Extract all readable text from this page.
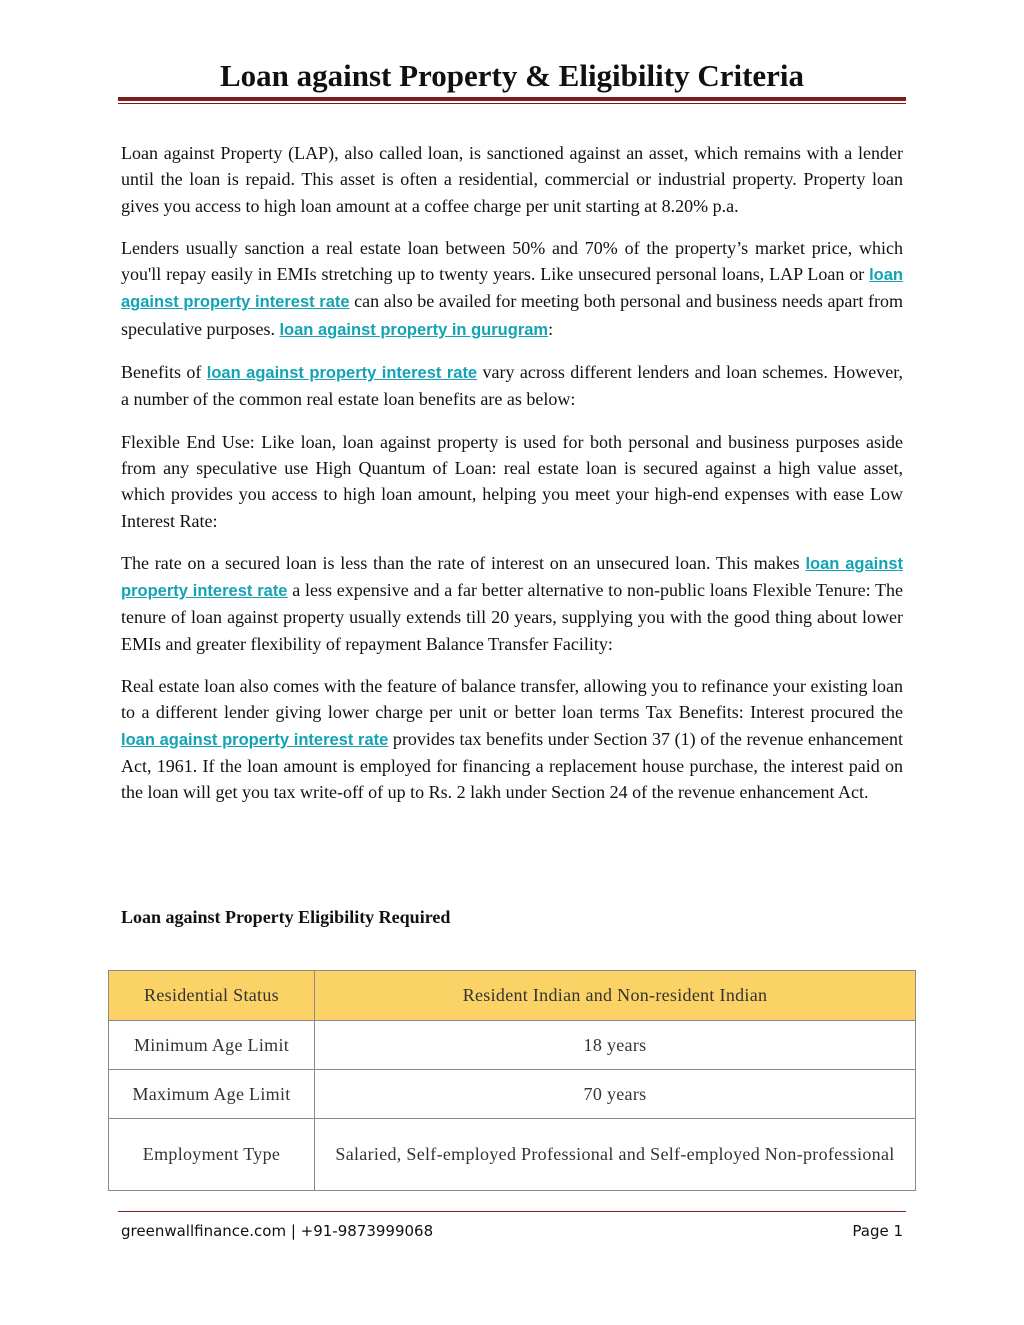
Loan against Property & Eligibility Criteria

Loan against Property (LAP), also called loan, is sanctioned against an asset, which remains with a lender until the loan is repaid. This asset is often a residential, commercial or industrial property. Property loan gives you access to high loan amount at a coffee charge per unit starting at 8.20% p.a.

Lenders usually sanction a real estate loan between 50% and 70% of the property’s market price, which you'll repay easily in EMIs stretching up to twenty years. Like unsecured personal loans, LAP Loan or loan against property interest rate can also be availed for meeting both personal and business needs apart from speculative purposes. loan against property in gurugram:

Benefits of loan against property interest rate vary across different lenders and loan schemes. However, a number of the common real estate loan benefits are as below:

Flexible End Use: Like loan, loan against property is used for both personal and business purposes aside from any speculative use High Quantum of Loan: real estate loan is secured against a high value asset, which provides you access to high loan amount, helping you meet your high-end expenses with ease Low Interest Rate:

The rate on a secured loan is less than the rate of interest on an unsecured loan. This makes loan against property interest rate a less expensive and a far better alternative to non-public loans Flexible Tenure: The tenure of loan against property usually extends till 20 years, supplying you with the good thing about lower EMIs and greater flexibility of repayment Balance Transfer Facility:

Real estate loan also comes with the feature of balance transfer, allowing you to refinance your existing loan to a different lender giving lower charge per unit or better loan terms Tax Benefits: Interest procured the loan against property interest rate provides tax benefits under Section 37 (1) of the revenue enhancement Act, 1961. If the loan amount is employed for financing a replacement house purchase, the interest paid on the loan will get you tax write-off of up to Rs. 2 lakh under Section 24 of the revenue enhancement Act.

Loan against Property Eligibility Required
Residential Status	Resident Indian and Non-resident Indian
Minimum Age Limit	18 years
Maximum Age Limit	70 years
Employment Type	Salaried, Self-employed Professional and Self-employed Non-professional
greenwallfinance.com | +91-9873999068	Page 1
